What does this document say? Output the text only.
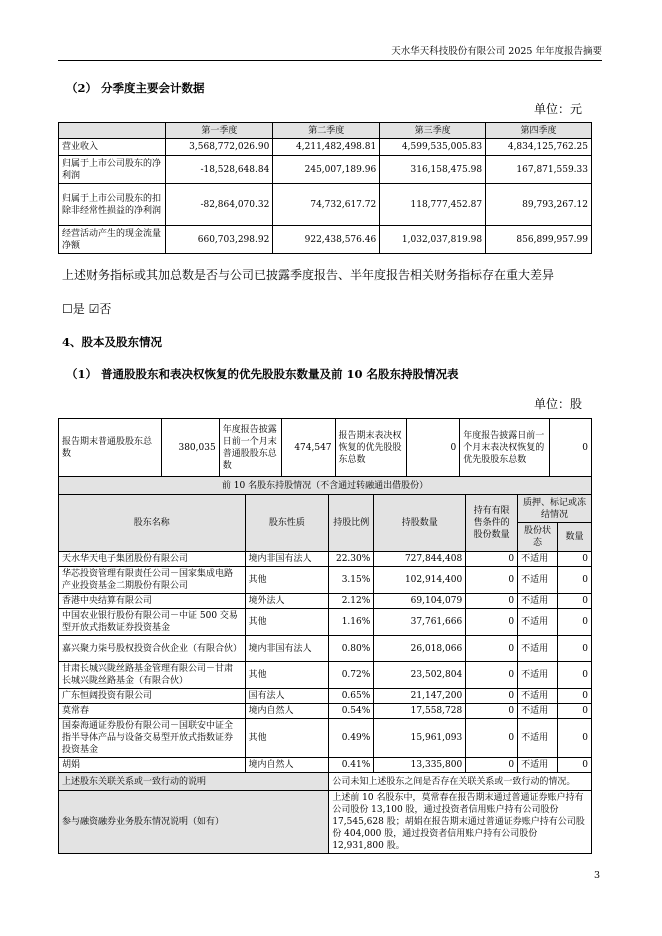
天水华天科技股份有限公司 2025 年年度报告摘要
（2） 分季度主要会计数据
单位：元
	第一季度	第二季度	第三季度	第四季度
营业收入	3,568,772,026.90	4,211,482,498.81	4,599,535,005.83	4,834,125,762.25
归属于上市公司股东的净利润	-18,528,648.84	245,007,189.96	316,158,475.98	167,871,559.33
归属于上市公司股东的扣除非经常性损益的净利润	-82,864,070.32	74,732,617.72	118,777,452.87	89,793,267.12
经营活动产生的现金流量净额	660,703,298.92	922,438,576.46	1,032,037,819.98	856,899,957.99
上述财务指标或其加总数是否与公司已披露季度报告、半年度报告相关财务指标存在重大差异
☐是 ☑否
4、股本及股东情况
（1） 普通股股东和表决权恢复的优先股股东数量及前 10 名股东持股情况表
单位：股
报告期末普通股股东总数	380,035	年度报告披露日前一个月末普通股股东总数	474,547	报告期末表决权恢复的优先股股东总数	0	年度报告披露日前一个月末表决权恢复的优先股股东总数	0
前 10 名股东持股情况（不含通过转融通出借股份）						
股东名称	股东性质	持股比例	持股数量	持有有限售条件的股份数量	质押、标记或冻结情况	
					股份状态	数量
天水华天电子集团股份有限公司	境内非国有法人	22.30%	727,844,408	0	不适用	0
华芯投资管理有限责任公司－国家集成电路产业投资基金二期股份有限公司	其他	3.15%	102,914,400	0	不适用	0
香港中央结算有限公司	境外法人	2.12%	69,104,079	0	不适用	0
中国农业银行股份有限公司－中证 500 交易型开放式指数证券投资基金	其他	1.16%	37,761,666	0	不适用	0
嘉兴聚力柒号股权投资合伙企业（有限合伙）	境内非国有法人	0.80%	26,018,066	0	不适用	0
甘肃长城兴陇丝路基金管理有限公司－甘肃长城兴陇丝路基金（有限合伙）	其他	0.72%	23,502,804	0	不适用	0
广东恒阔投资有限公司	国有法人	0.65%	21,147,200	0	不适用	0
莫常春	境内自然人	0.54%	17,558,728	0	不适用	0
国泰海通证券股份有限公司－国联安中证全指半导体产品与设备交易型开放式指数证券投资基金	其他	0.49%	15,961,093	0	不适用	0
胡娟	境内自然人	0.41%	13,335,800	0	不适用	0
上述股东关联关系或一致行动的说明		公司未知上述股东之间是否存在关联关系或一致行动的情况。				
参与融资融券业务股东情况说明（如有）		上述前 10 名股东中，莫常春在报告期末通过普通证券账户持有公司股份 13,100 股，通过投资者信用账户持有公司股份 17,545,628 股；胡娟在报告期末通过普通证券账户持有公司股份 404,000 股，通过投资者信用账户持有公司股份 12,931,800 股。				
3
